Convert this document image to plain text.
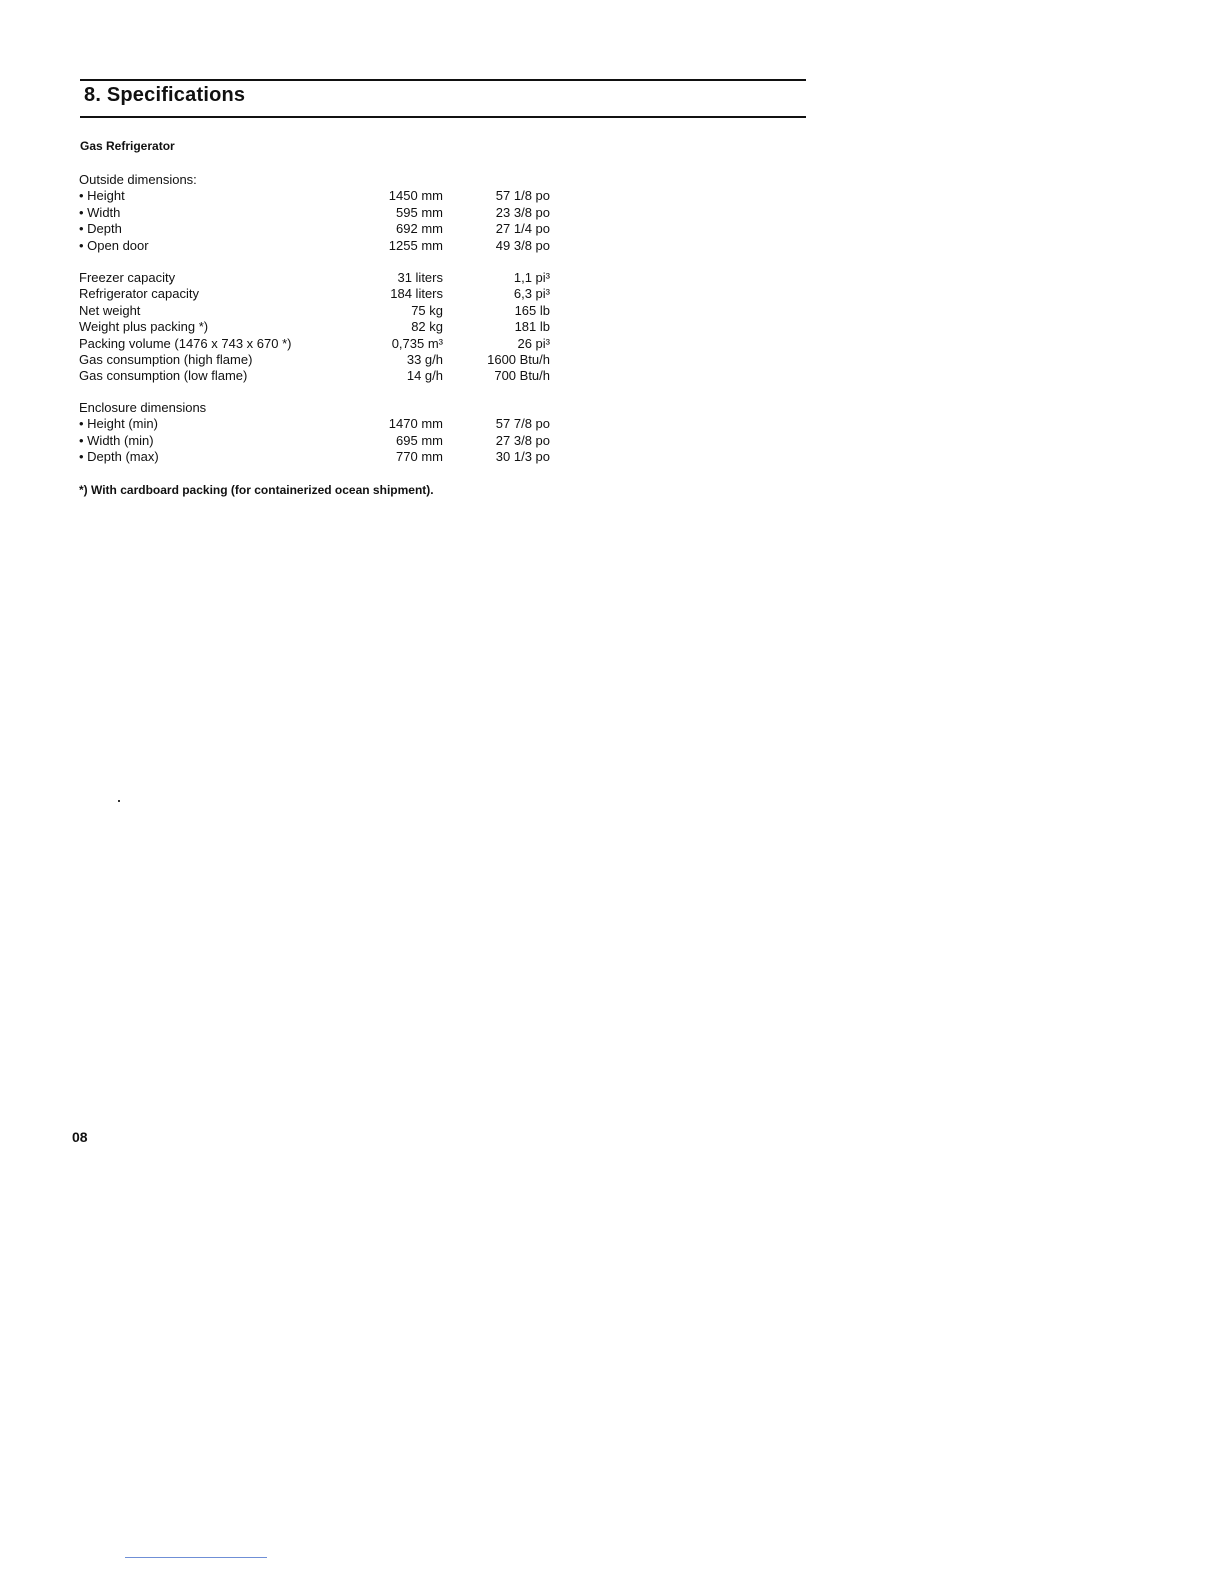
8. Specifications
Gas Refrigerator
Outside dimensions:
• Height	1450 mm	57 1/8 po
• Width	595 mm	23 3/8 po
• Depth	692 mm	27 1/4 po
• Open door	1255 mm	49 3/8 po
Freezer capacity	31 liters	1,1 pi³
Refrigerator capacity	184 liters	6,3 pi³
Net weight	75 kg	165 lb
Weight plus packing *)	82 kg	181 lb
Packing volume (1476 x 743 x 670 *)	0,735 m³	26 pi³
Gas consumption (high flame)	33 g/h	1600 Btu/h
Gas consumption (low flame)	14 g/h	700 Btu/h
Enclosure dimensions
• Height (min)	1470 mm	57 7/8 po
• Width (min)	695 mm	27 3/8 po
• Depth (max)	770 mm	30 1/3 po
*) With cardboard packing (for containerized ocean shipment).
08
